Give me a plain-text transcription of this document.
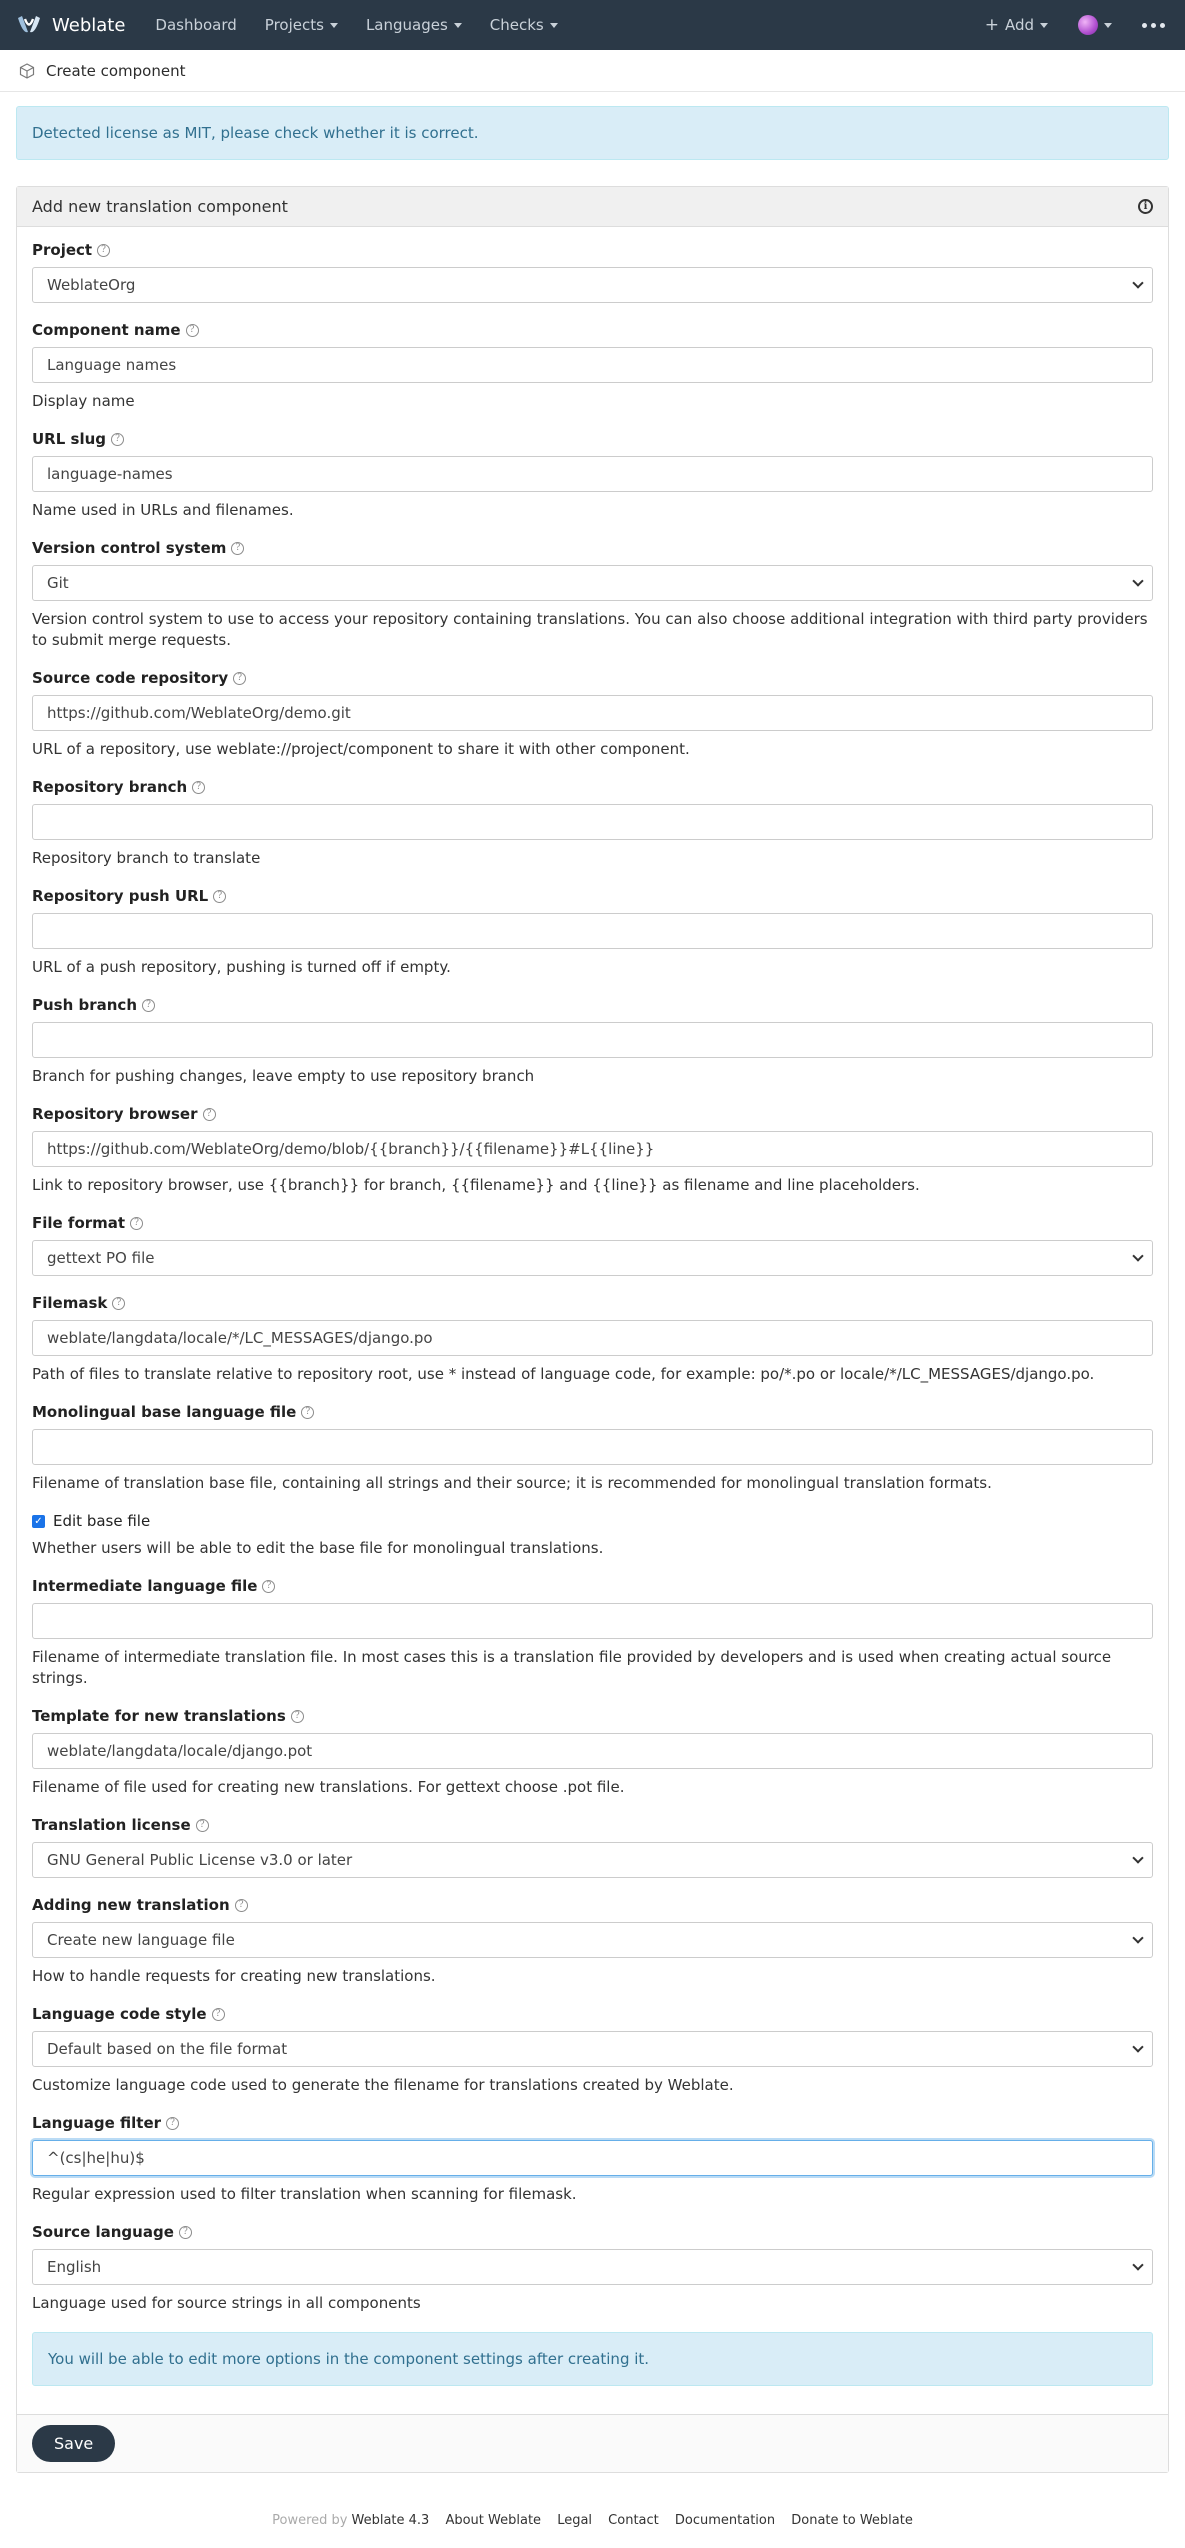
Weblate Dashboard Projects	Languages	Checks	+ Add
Create component
Detected license as MIT, please check whether it is correct.
Add new translation component	i
Project	?
WeblateOrg
Component name	?
Language names
Display name
URL slug	?
language-names
Name used in URLs and filenames.
Version control system	?
Git
Version control system to use to access your repository containing translations. You can also choose additional integration with third party providers to submit merge requests.
Source code repository	?
https://github.com/WeblateOrg/demo.git
URL of a repository, use weblate://project/component to share it with other component.
Repository branch	?
Repository branch to translate
Repository push URL	?
URL of a push repository, pushing is turned off if empty.
Push branch	?
Branch for pushing changes, leave empty to use repository branch
Repository browser	?
https://github.com/WeblateOrg/demo/blob/{{branch}}/{{filename}}#L{{line}}
Link to repository browser, use {{branch}} for branch, {{filename}} and {{line}} as filename and line placeholders.
File format	?
gettext PO file
Filemask	?
weblate/langdata/locale/*/LC_MESSAGES/django.po
Path of files to translate relative to repository root, use * instead of language code, for example: po/*.po or locale/*/LC_MESSAGES/django.po.
Monolingual base language file	?
Filename of translation base file, containing all strings and their source; it is recommended for monolingual translation formats.
✓ Edit base file
Whether users will be able to edit the base file for monolingual translations.
Intermediate language file	?
Filename of intermediate translation file. In most cases this is a translation file provided by developers and is used when creating actual source strings.
Template for new translations	?
weblate/langdata/locale/django.pot
Filename of file used for creating new translations. For gettext choose .pot file.
Translation license	?
GNU General Public License v3.0 or later
Adding new translation	?
Create new language file
How to handle requests for creating new translations.
Language code style	?
Default based on the file format
Customize language code used to generate the filename for translations created by Weblate.
Language filter	?
^(cs|he|hu)$
Regular expression used to filter translation when scanning for filemask.
Source language	?
English
Language used for source strings in all components
You will be able to edit more options in the component settings after creating it.
Save
Powered by Weblate 4.3 About Weblate Legal Contact Documentation Donate to Weblate
